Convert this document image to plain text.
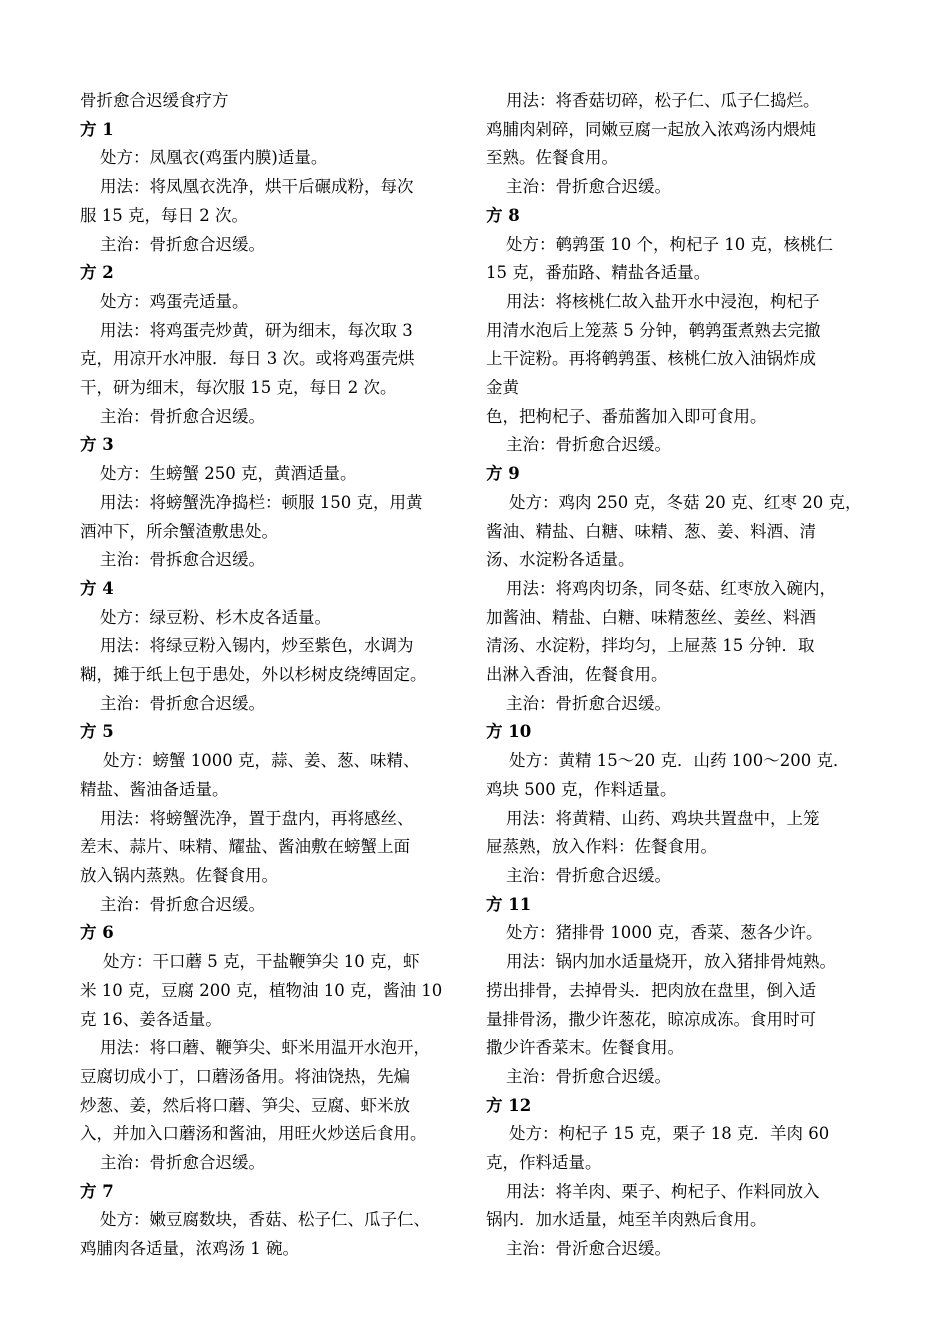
骨折愈合迟缓食疗方

方 1

处方：凤凰衣(鸡蛋内膜)适量。

用法：将凤凰衣洗净，烘干后碾成粉，每次

服 15 克，每日 2 次。

主治：骨折愈合迟缓。

方 2

处方：鸡蛋壳适量。

用法：将鸡蛋壳炒黄，研为细末，每次取 3

克，用凉开水冲服．每日 3 次。或将鸡蛋壳烘

干，研为细末，每次服 15 克，每日 2 次。

主治：骨折愈合迟缓。

方 3

处方：生螃蟹 250 克，黄酒适量。

用法：将螃蟹洗净捣栏：顿服 150 克，用黄

酒冲下，所余蟹渣敷患处。

主治：骨拆愈合迟缓。

方 4

处方：绿豆粉、杉木皮各适量。

用法：将绿豆粉入锡内，炒至紫色，水调为

糊，摊于纸上包于患处，外以杉树皮绕缚固定。

主治：骨折愈合迟缓。

方 5

处方：螃蟹 1000 克，蒜、姜、葱、味精、

精盐、酱油备适量。

用法：将螃蟹洗净，置于盘内，再将感丝、

差末、蒜片、味精、耀盐、酱油敷在螃蟹上面

放入锅内蒸熟。佐餐食用。

主治：骨折愈合迟缓。

方 6

处方：干口蘑 5 克，干盐鞭笋尖 10 克，虾

米 10 克，豆腐 200 克，植物油 10 克，酱油 10

克 16、姜各适量。

用法：将口蘑、鞭笋尖、虾米用温开水泡开，

豆腐切成小丁，口蘑汤备用。将油饶热，先煸

炒葱、姜，然后将口蘑、笋尖、豆腐、虾米放

入，并加入口蘑汤和酱油，用旺火炒送后食用。

主治：骨折愈合迟缓。

方 7

处方：嫩豆腐数块，香菇、松子仁、瓜子仁、

鸡脯肉各适量，浓鸡汤 1 碗。

用法：将香菇切碎，松子仁、瓜子仁捣烂。

鸡脯肉剁碎，同嫩豆腐一起放入浓鸡汤内煨炖

至熟。佐餐食用。

主治：骨折愈合迟缓。

方 8

处方：鹌鹑蛋 10 个，枸杞子 10 克，核桃仁

15 克，番茄路、精盐各适量。

用法：将核桃仁故入盐开水中浸泡，枸杞子

用清水泡后上笼蒸 5 分钟，鹌鹑蛋煮熟去完撤

上干淀粉。再将鹌鹑蛋、核桃仁放入油锅炸成

金黄

色，把枸杞子、番茄酱加入即可食用。

主治：骨折愈合迟缓。

方 9

处方：鸡肉 250 克，冬菇 20 克、红枣 20 克，

酱油、精盐、白糖、味精、葱、姜、料酒、清

汤、水淀粉各适量。

用法：将鸡肉切条，同冬菇、红枣放入碗内，

加酱油、精盐、白糖、味精葱丝、姜丝、料酒

清汤、水淀粉，拌均匀，上屉蒸 15 分钟．取

出淋入香油，佐餐食用。

主治：骨折愈合迟缓。

方 10

处方：黄精 15～20 克．山药 100～200 克．

鸡块 500 克，作料适量。

用法：将黄精、山药、鸡块共置盘中，上笼

屉蒸熟，放入作料：佐餐食用。

主治：骨折愈合迟缓。

方 11

处方：猪排骨 1000 克，香菜、葱各少许。

用法：锅内加水适量烧开，放入猪排骨炖熟。

捞出排骨，去掉骨头．把肉放在盘里，倒入适

量排骨汤，撒少许葱花，晾凉成冻。食用时可

撒少许香菜末。佐餐食用。

主治：骨折愈合迟缓。

方 12

处方：枸杞子 15 克，栗子 18 克．羊肉 60

克，作料适量。

用法：将羊肉、栗子、枸杞子、作料同放入

锅内．加水适量，炖至羊肉熟后食用。

主治：骨沂愈合迟缓。
